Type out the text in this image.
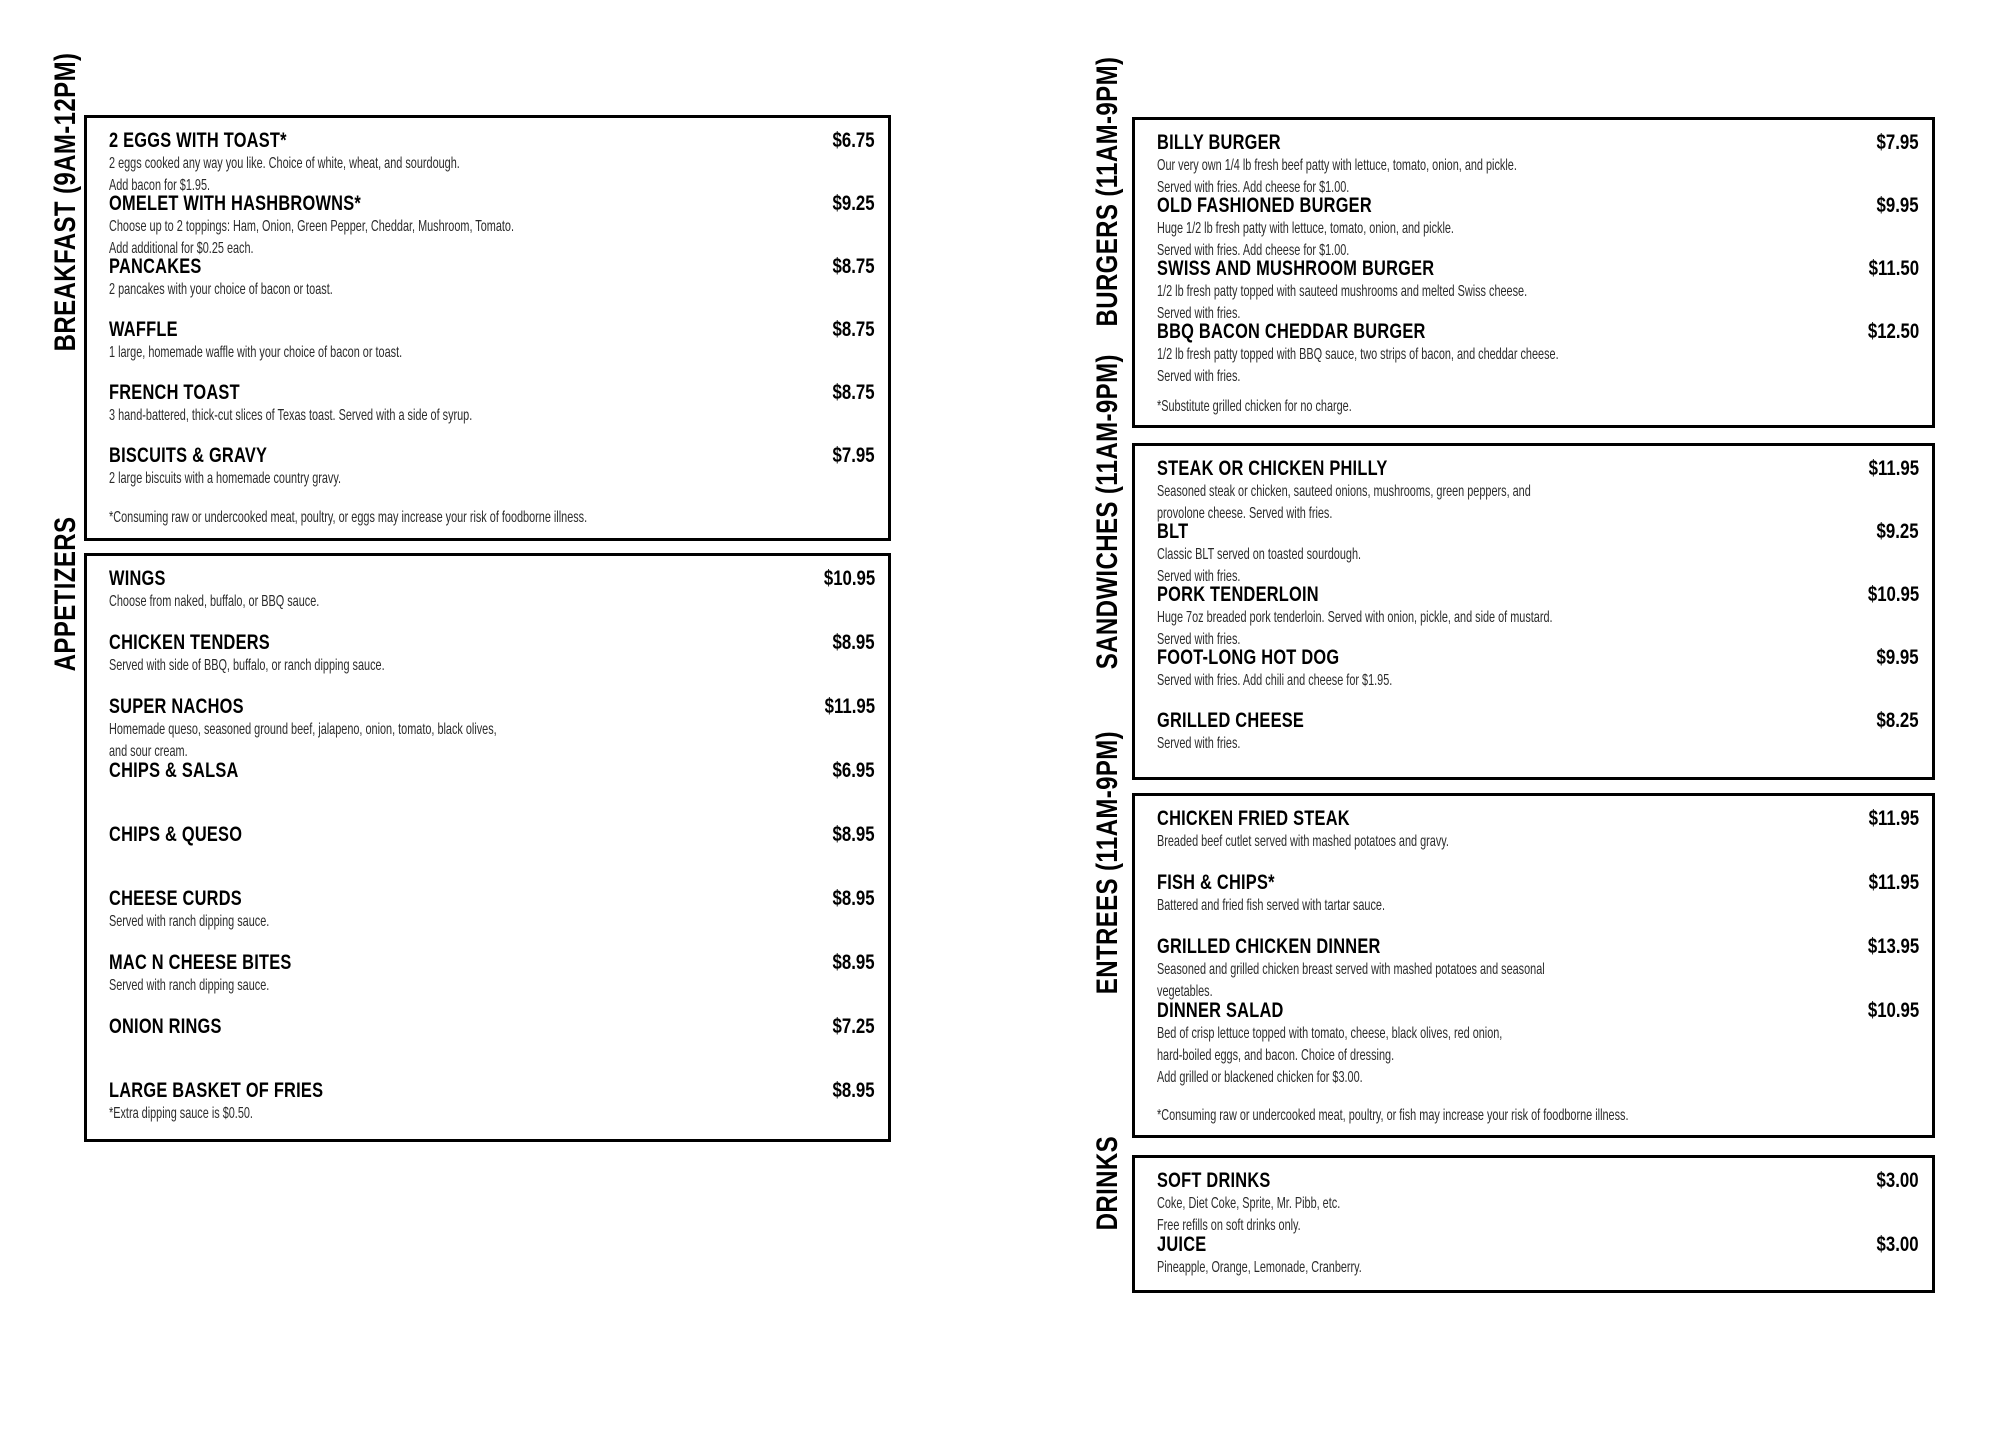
BREAKFAST (9AM-12PM) 2 EGGS WITH TOAST*	$6.75
2 eggs cooked any way you like. Choice of white, wheat, and sourdough.
Add bacon for $1.95.
OMELET WITH HASHBROWNS*	$9.25
Choose up to 2 toppings: Ham, Onion, Green Pepper, Cheddar, Mushroom, Tomato.
Add additional for $0.25 each.
PANCAKES	$8.75
2 pancakes with your choice of bacon or toast.
WAFFLE	$8.75
1 large, homemade waffle with your choice of bacon or toast.
FRENCH TOAST	$8.75
3 hand-battered, thick-cut slices of Texas toast. Served with a side of syrup.
BISCUITS & GRAVY	$7.95
2 large biscuits with a homemade country gravy.
*Consuming raw or undercooked meat, poultry, or eggs may increase your risk of foodborne illness.
APPETIZERS WINGS	$10.95
Choose from naked, buffalo, or BBQ sauce.
CHICKEN TENDERS	$8.95
Served with side of BBQ, buffalo, or ranch dipping sauce.
SUPER NACHOS	$11.95
Homemade queso, seasoned ground beef, jalapeno, onion, tomato, black olives,
and sour cream.
CHIPS & SALSA	$6.95
CHIPS & QUESO	$8.95
CHEESE CURDS	$8.95
Served with ranch dipping sauce.
MAC N CHEESE BITES	$8.95
Served with ranch dipping sauce.
ONION RINGS	$7.25
LARGE BASKET OF FRIES	$8.95
*Extra dipping sauce is $0.50.
BURGERS (11AM-9PM) BILLY BURGER	$7.95
Our very own 1/4 lb fresh beef patty with lettuce, tomato, onion, and pickle.
Served with fries. Add cheese for $1.00.
OLD FASHIONED BURGER	$9.95
Huge 1/2 lb fresh patty with lettuce, tomato, onion, and pickle.
Served with fries. Add cheese for $1.00.
SWISS AND MUSHROOM BURGER	$11.50
1/2 lb fresh patty topped with sauteed mushrooms and melted Swiss cheese.
Served with fries.
BBQ BACON CHEDDAR BURGER	$12.50
1/2 lb fresh patty topped with BBQ sauce, two strips of bacon, and cheddar cheese.
Served with fries.
*Substitute grilled chicken for no charge.
SANDWICHES (11AM-9PM) STEAK OR CHICKEN PHILLY	$11.95
Seasoned steak or chicken, sauteed onions, mushrooms, green peppers, and
provolone cheese. Served with fries.
BLT	$9.25
Classic BLT served on toasted sourdough.
Served with fries.
PORK TENDERLOIN	$10.95
Huge 7oz breaded pork tenderloin. Served with onion, pickle, and side of mustard.
Served with fries.
FOOT-LONG HOT DOG	$9.95
Served with fries. Add chili and cheese for $1.95.
GRILLED CHEESE	$8.25
Served with fries.
ENTREES (11AM-9PM) CHICKEN FRIED STEAK	$11.95
Breaded beef cutlet served with mashed potatoes and gravy.
FISH & CHIPS*	$11.95
Battered and fried fish served with tartar sauce.
GRILLED CHICKEN DINNER	$13.95
Seasoned and grilled chicken breast served with mashed potatoes and seasonal
vegetables.
DINNER SALAD	$10.95
Bed of crisp lettuce topped with tomato, cheese, black olives, red onion,
hard-boiled eggs, and bacon. Choice of dressing.
Add grilled or blackened chicken for $3.00.
*Consuming raw or undercooked meat, poultry, or fish may increase your risk of foodborne illness.
DRINKS SOFT DRINKS	$3.00
Coke, Diet Coke, Sprite, Mr. Pibb, etc.
Free refills on soft drinks only.
JUICE	$3.00
Pineapple, Orange, Lemonade, Cranberry.
